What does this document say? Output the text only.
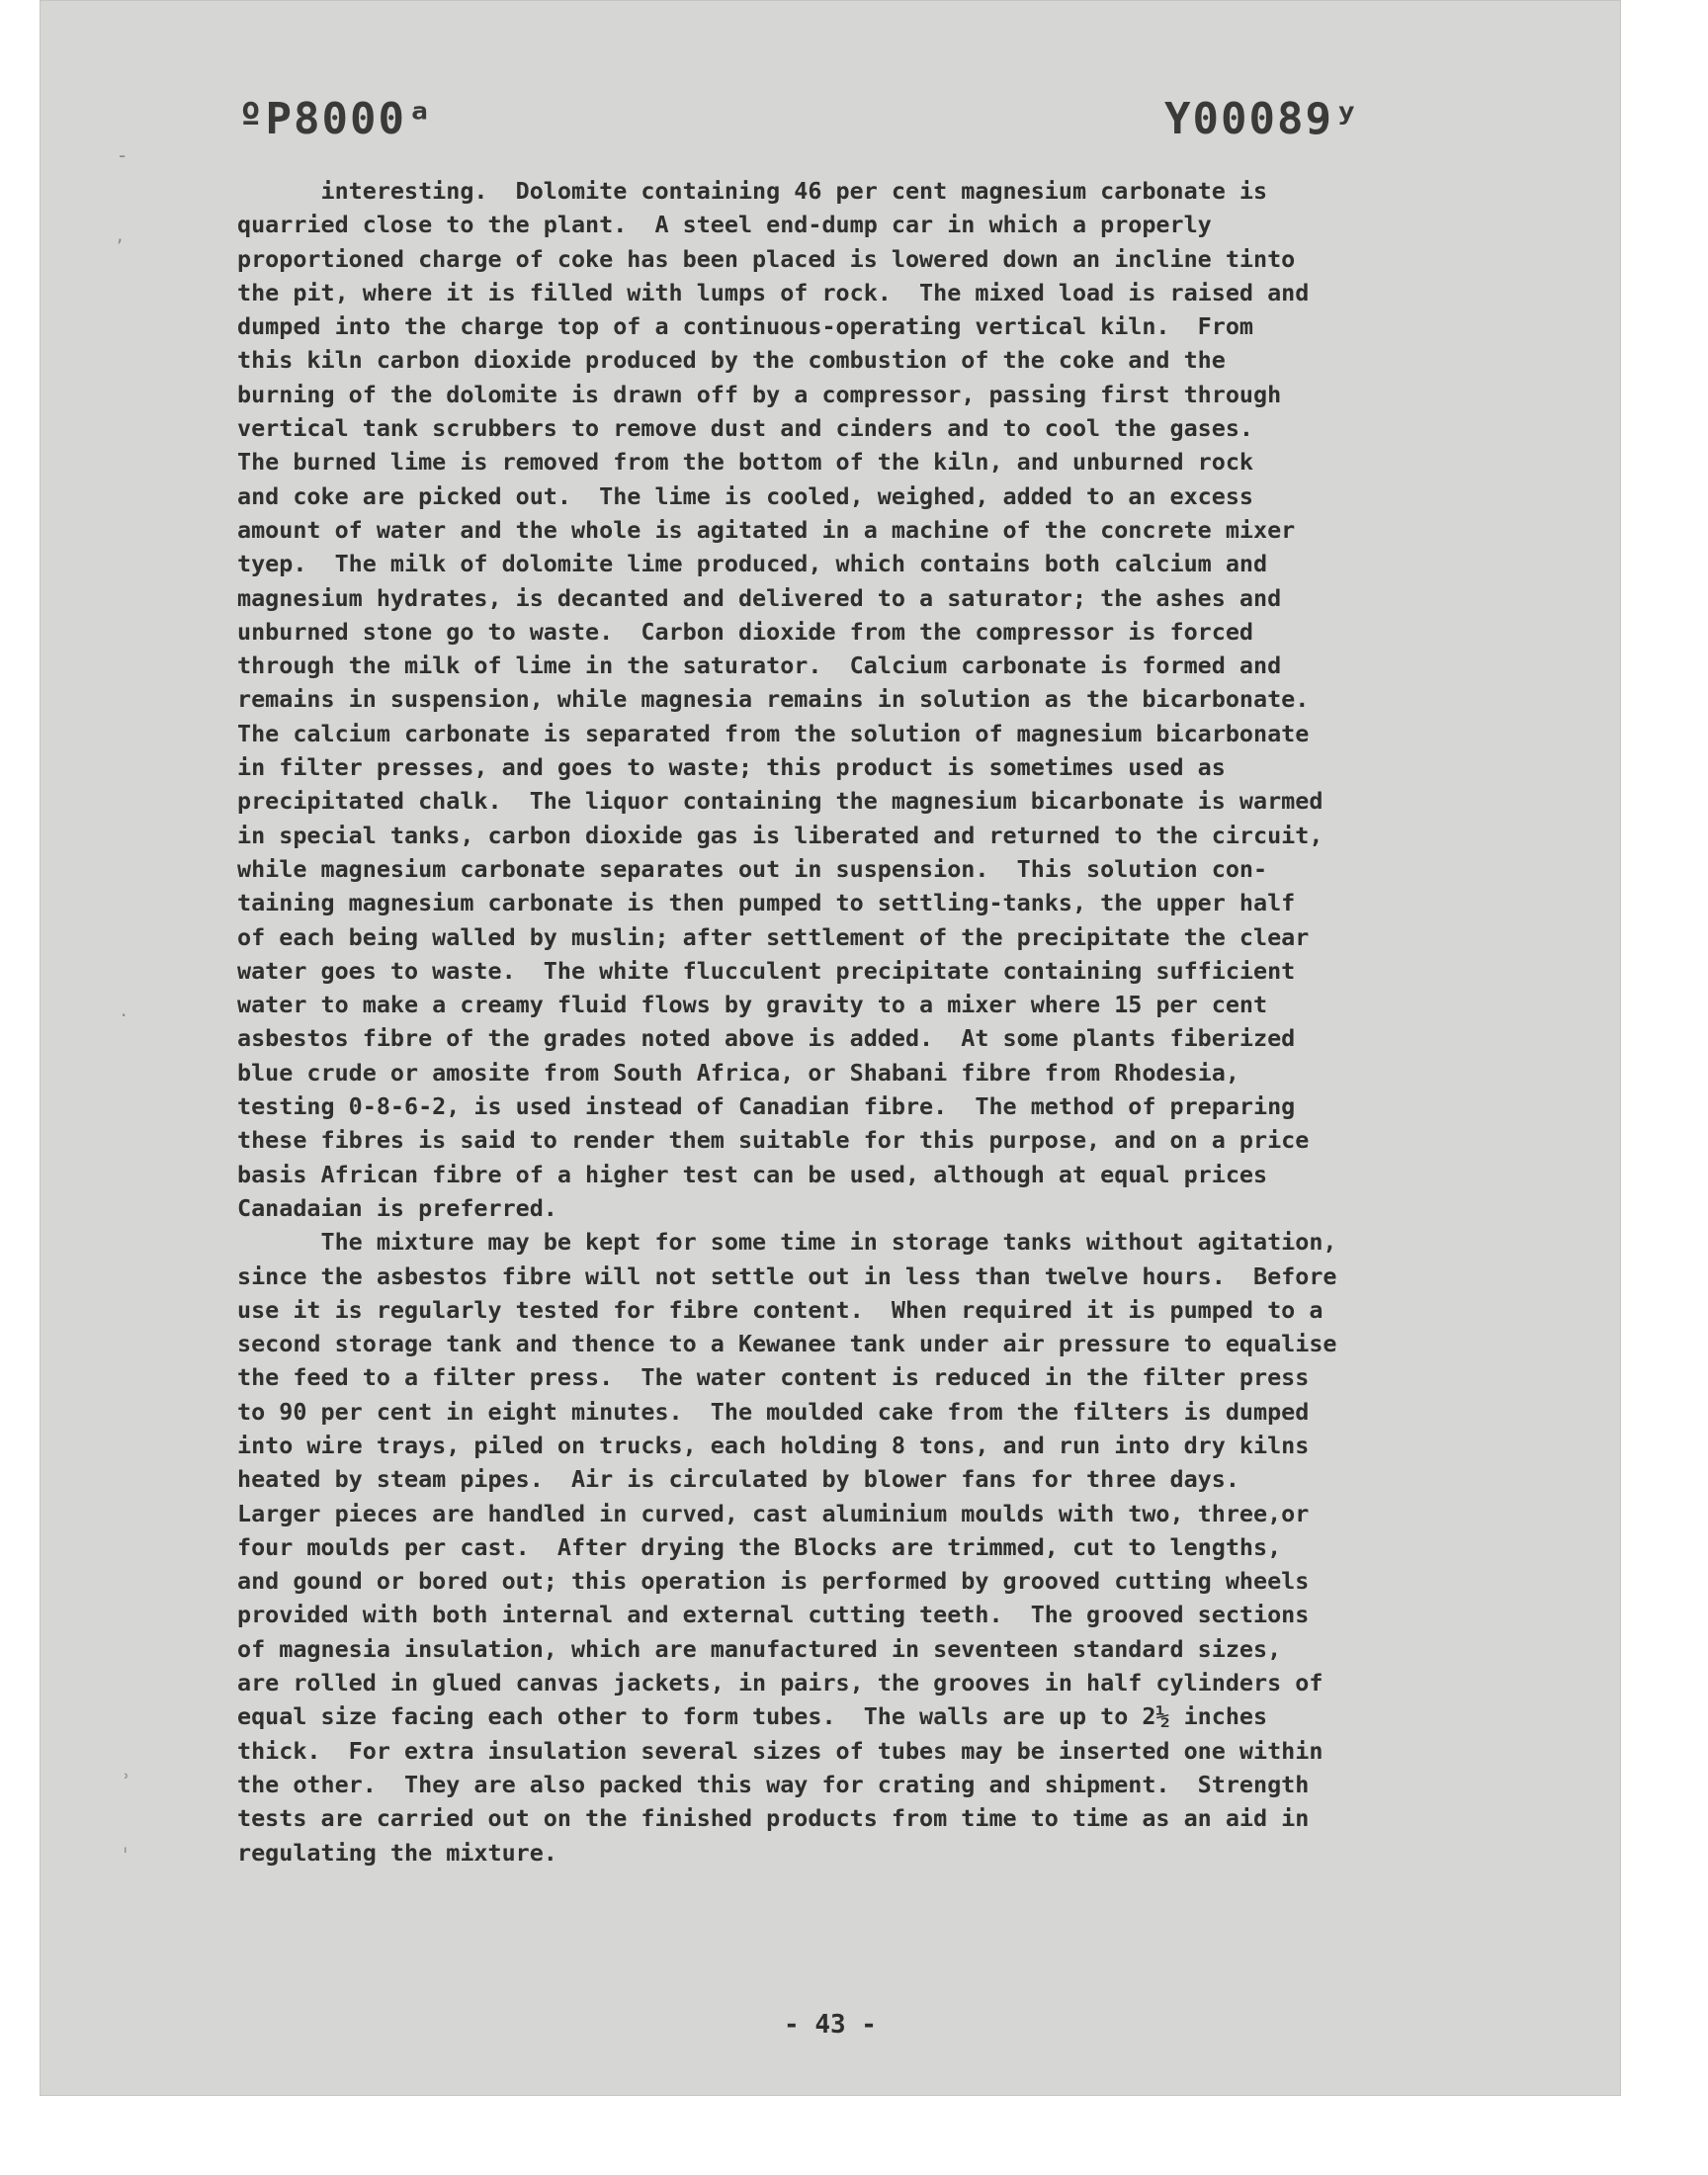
-
,
·
ʾ
ˈ
ºP8000ᵃ	Y00089ʸ
interesting.  Dolomite containing 46 per cent magnesium carbonate is
quarried close to the plant.  A steel end-dump car in which a properly
proportioned charge of coke has been placed is lowered down an incline tinto
the pit, where it is filled with lumps of rock.  The mixed load is raised and
dumped into the charge top of a continuous-operating vertical kiln.  From
this kiln carbon dioxide produced by the combustion of the coke and the
burning of the dolomite is drawn off by a compressor, passing first through
vertical tank scrubbers to remove dust and cinders and to cool the gases.
The burned lime is removed from the bottom of the kiln, and unburned rock
and coke are picked out.  The lime is cooled, weighed, added to an excess
amount of water and the whole is agitated in a machine of the concrete mixer
tyep.  The milk of dolomite lime produced, which contains both calcium and
magnesium hydrates, is decanted and delivered to a saturator; the ashes and
unburned stone go to waste.  Carbon dioxide from the compressor is forced
through the milk of lime in the saturator.  Calcium carbonate is formed and
remains in suspension, while magnesia remains in solution as the bicarbonate.
The calcium carbonate is separated from the solution of magnesium bicarbonate
in filter presses, and goes to waste; this product is sometimes used as
precipitated chalk.  The liquor containing the magnesium bicarbonate is warmed
in special tanks, carbon dioxide gas is liberated and returned to the circuit,
while magnesium carbonate separates out in suspension.  This solution con-
taining magnesium carbonate is then pumped to settling-tanks, the upper half
of each being walled by muslin; after settlement of the precipitate the clear
water goes to waste.  The white flucculent precipitate containing sufficient
water to make a creamy fluid flows by gravity to a mixer where 15 per cent
asbestos fibre of the grades noted above is added.  At some plants fiberized
blue crude or amosite from South Africa, or Shabani fibre from Rhodesia,
testing 0-8-6-2, is used instead of Canadian fibre.  The method of preparing
these fibres is said to render them suitable for this purpose, and on a price
basis African fibre of a higher test can be used, although at equal prices
Canadaian is preferred.
The mixture may be kept for some time in storage tanks without agitation,
since the asbestos fibre will not settle out in less than twelve hours.  Before
use it is regularly tested for fibre content.  When required it is pumped to a
second storage tank and thence to a Kewanee tank under air pressure to equalise
the feed to a filter press.  The water content is reduced in the filter press
to 90 per cent in eight minutes.  The moulded cake from the filters is dumped
into wire trays, piled on trucks, each holding 8 tons, and run into dry kilns
heated by steam pipes.  Air is circulated by blower fans for three days.
Larger pieces are handled in curved, cast aluminium moulds with two, three,or
four moulds per cast.  After drying the Blocks are trimmed, cut to lengths,
and gound or bored out; this operation is performed by grooved cutting wheels
provided with both internal and external cutting teeth.  The grooved sections
of magnesia insulation, which are manufactured in seventeen standard sizes,
are rolled in glued canvas jackets, in pairs, the grooves in half cylinders of
equal size facing each other to form tubes.  The walls are up to 2½ inches
thick.  For extra insulation several sizes of tubes may be inserted one within
the other.  They are also packed this way for crating and shipment.  Strength
tests are carried out on the finished products from time to time as an aid in
regulating the mixture.
- 43 -
